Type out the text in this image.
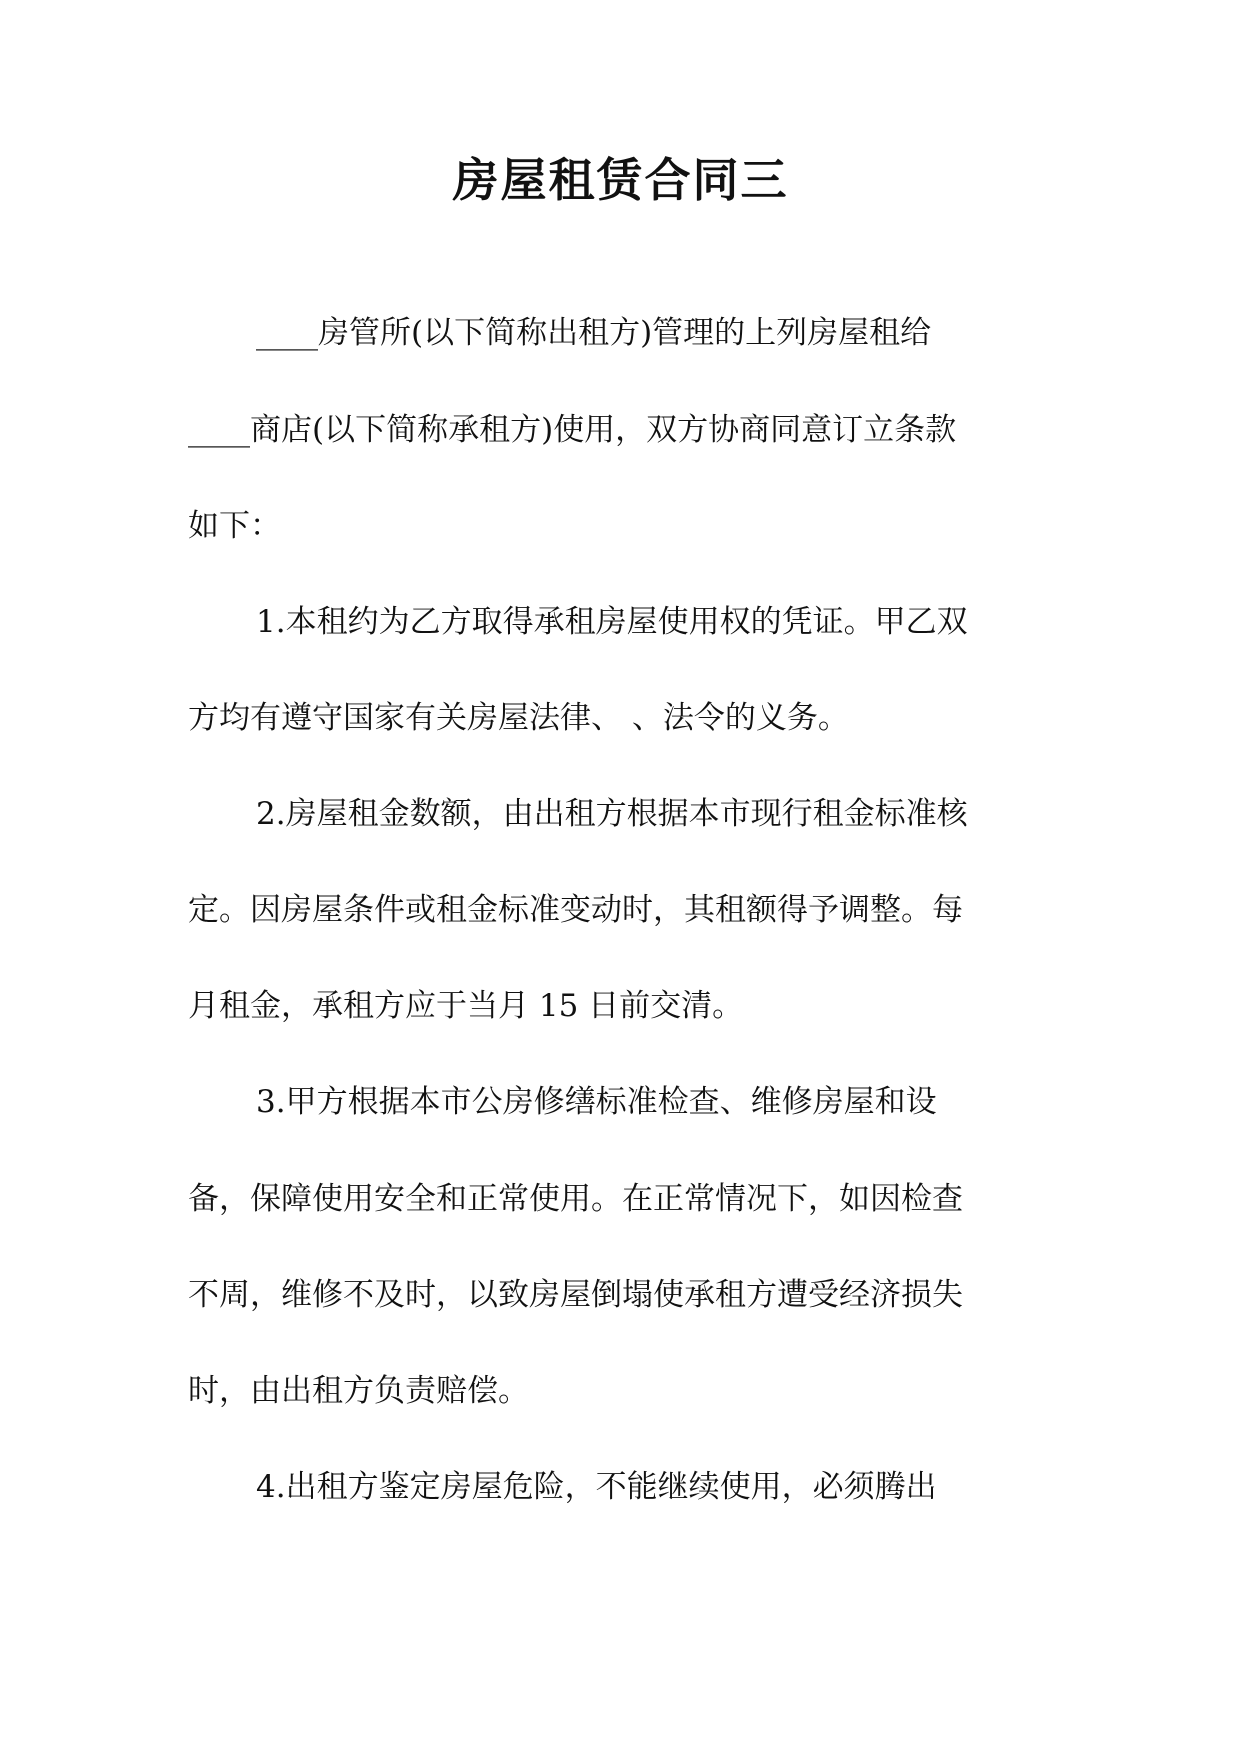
房屋租赁合同三
____房管所(以下简称出租方)管理的上列房屋租给
____商店(以下简称承租方)使用，双方协商同意订立条款
如下：
1.本租约为乙方取得承租房屋使用权的凭证。甲乙双
方均有遵守国家有关房屋法律、 、法令的义务。
2.房屋租金数额，由出租方根据本市现行租金标准核
定。因房屋条件或租金标准变动时，其租额得予调整。每
月租金，承租方应于当月 15 日前交清。
3.甲方根据本市公房修缮标准检查、维修房屋和设
备，保障使用安全和正常使用。在正常情况下，如因检查
不周，维修不及时，以致房屋倒塌使承租方遭受经济损失
时，由出租方负责赔偿。
4.出租方鉴定房屋危险，不能继续使用，必须腾出
